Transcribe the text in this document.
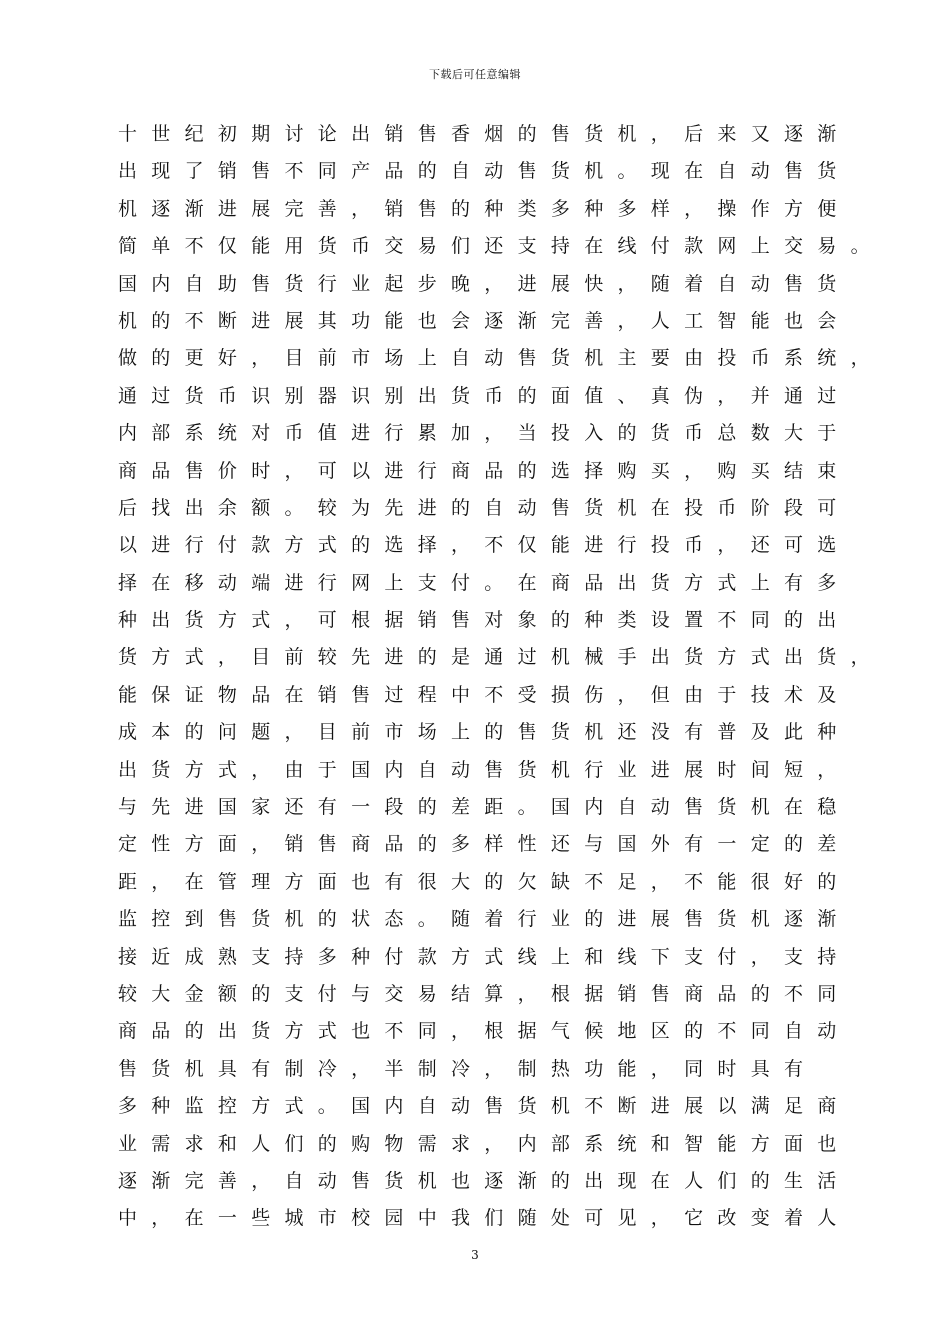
下载后可任意编辑
十世纪初期讨论出销售香烟的售货机，后来又逐渐
出现了销售不同产品的自动售货机。现在自动售货
机逐渐进展完善，销售的种类多种多样，操作方便
简单不仅能用货币交易们还支持在线付款网上交易。
国内自助售货行业起步晚，进展快，随着自动售货
机的不断进展其功能也会逐渐完善，人工智能也会
做的更好，目前市场上自动售货机主要由投币系统，
通过货币识别器识别出货币的面值、真伪，并通过
内部系统对币值进行累加，当投入的货币总数大于
商品售价时，可以进行商品的选择购买，购买结束
后找出余额。较为先进的自动售货机在投币阶段可
以进行付款方式的选择，不仅能进行投币，还可选
择在移动端进行网上支付。在商品出货方式上有多
种出货方式，可根据销售对象的种类设置不同的出
货方式，目前较先进的是通过机械手出货方式出货，
能保证物品在销售过程中不受损伤，但由于技术及
成本的问题，目前市场上的售货机还没有普及此种
出货方式，由于国内自动售货机行业进展时间短，
与先进国家还有一段的差距。国内自动售货机在稳
定性方面，销售商品的多样性还与国外有一定的差
距，在管理方面也有很大的欠缺不足，不能很好的
监控到售货机的状态。随着行业的进展售货机逐渐
接近成熟支持多种付款方式线上和线下支付，支持
较大金额的支付与交易结算，根据销售商品的不同
商品的出货方式也不同，根据气候地区的不同自动
售货机具有制冷，半制冷，制热功能，同时具有
多种监控方式。国内自动售货机不断进展以满足商
业需求和人们的购物需求，内部系统和智能方面也
逐渐完善，自动售货机也逐渐的出现在人们的生活
中，在一些城市校园中我们随处可见，它改变着人
3
